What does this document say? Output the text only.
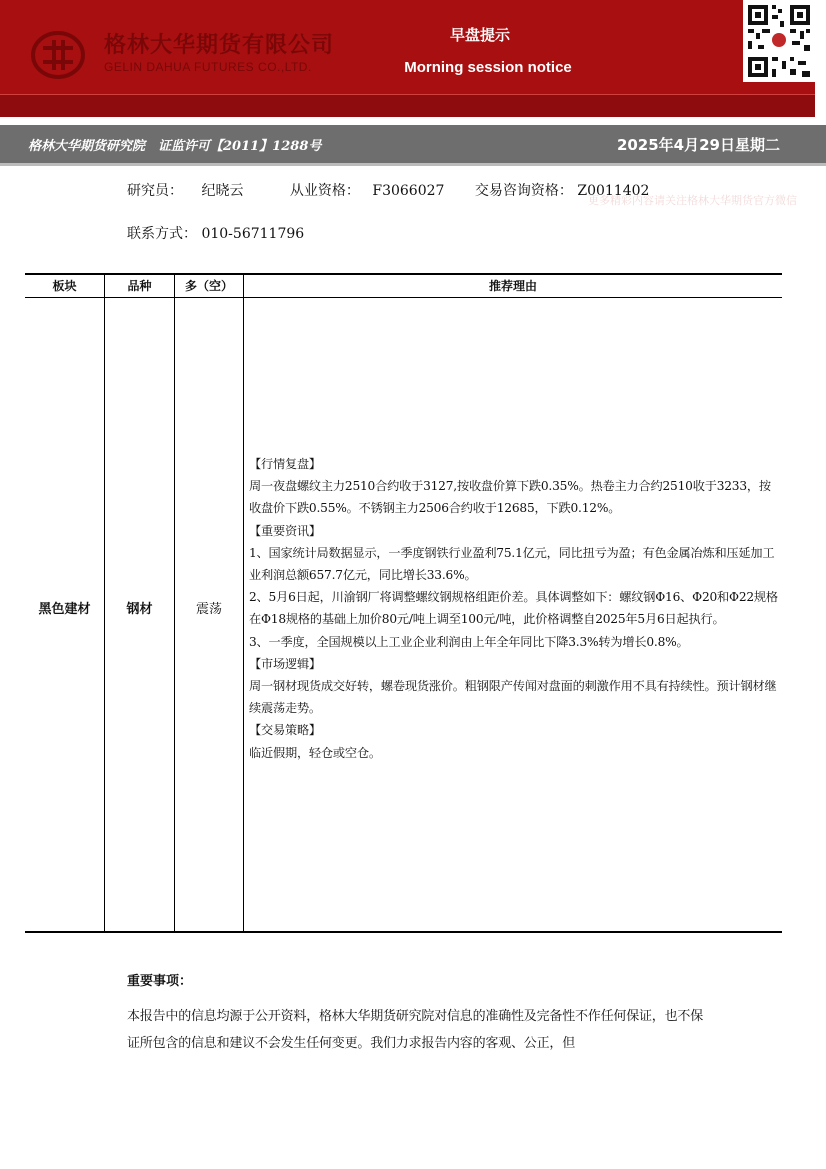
格林大华期货有限公司
GELIN DAHUA FUTURES CO.,LTD.
早盘提示
Morning session notice
更多精彩内容请关注格林大华期货官方微信
格林大华期货研究院　证监许可【2011】1288号	2025年4月29日星期二
研究员： 纪晓云	从业资格： F3066027 交易咨询资格： Z0011402
联系方式： 010-56711796
板块	品种	多（空）	推荐理由
黑色建材	钢材	震荡

【行情复盘】

周一夜盘螺纹主力2510合约收于3127,按收盘价算下跌0.35%。热卷主力合约2510收于3233，按收盘价下跌0.55%。不锈钢主力2506合约收于12685，下跌0.12%。

【重要资讯】

1、国家统计局数据显示，一季度钢铁行业盈利75.1亿元，同比扭亏为盈；有色金属冶炼和压延加工业利润总额657.7亿元，同比增长33.6%。

2、5月6日起，川渝钢厂将调整螺纹钢规格组距价差。具体调整如下：螺纹钢Φ16、Φ20和Φ22规格在Φ18规格的基础上加价80元/吨上调至100元/吨，此价格调整自2025年5月6日起执行。

3、一季度，全国规模以上工业企业利润由上年全年同比下降3.3%转为增长0.8%。

【市场逻辑】

周一钢材现货成交好转，螺卷现货涨价。粗钢限产传闻对盘面的刺激作用不具有持续性。预计钢材继续震荡走势。

【交易策略】

临近假期，轻仓或空仓。

重要事项：
本报告中的信息均源于公开资料，格林大华期货研究院对信息的准确性及完备性不作任何保证，也不保证所包含的信息和建议不会发生任何变更。我们力求报告内容的客观、公正，但
